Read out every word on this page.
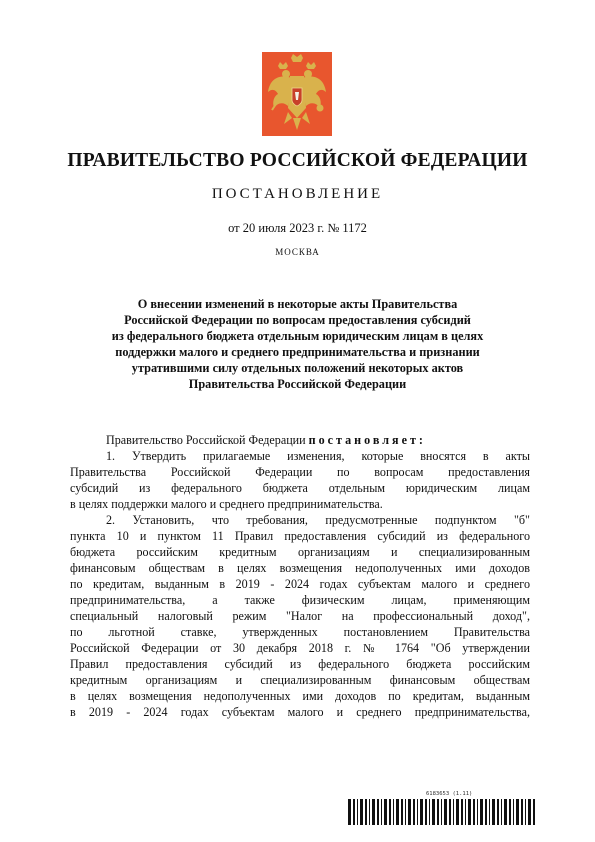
ПРАВИТЕЛЬСТВО РОССИЙСКОЙ ФЕДЕРАЦИИ
ПОСТАНОВЛЕНИЕ
от 20 июля 2023 г. № 1172
МОСКВА
О внесении изменений в некоторые акты Правительства
Российской Федерации по вопросам предоставления субсидий
из федерального бюджета отдельным юридическим лицам в целях
поддержки малого и среднего предпринимательства и признании
утратившими силу отдельных положений некоторых актов
Правительства Российской Федерации
Правительство Российской Федерации постановляет:
1. Утвердить прилагаемые изменения, которые вносятся в акты
Правительства Российской Федерации по вопросам предоставления
субсидий из федерального бюджета отдельным юридическим лицам
в целях поддержки малого и среднего предпринимательства.
2. Установить, что требования, предусмотренные подпунктом "б"
пункта 10 и пунктом 11 Правил предоставления субсидий из федерального
бюджета российским кредитным организациям и специализированным
финансовым обществам в целях возмещения недополученных ими доходов
по кредитам, выданным в 2019 - 2024 годах субъектам малого и среднего
предпринимательства, а также физическим лицам, применяющим
специальный налоговый режим "Налог на профессиональный доход",
по льготной ставке, утвержденных постановлением Правительства
Российской Федерации от 30 декабря 2018 г. № 1764 "Об утверждении
Правил предоставления субсидий из федерального бюджета российским
кредитным организациям и специализированным финансовым обществам
в целях возмещения недополученных ими доходов по кредитам, выданным
в 2019 - 2024 годах субъектам малого и среднего предпринимательства,
6183653 (1.11)
